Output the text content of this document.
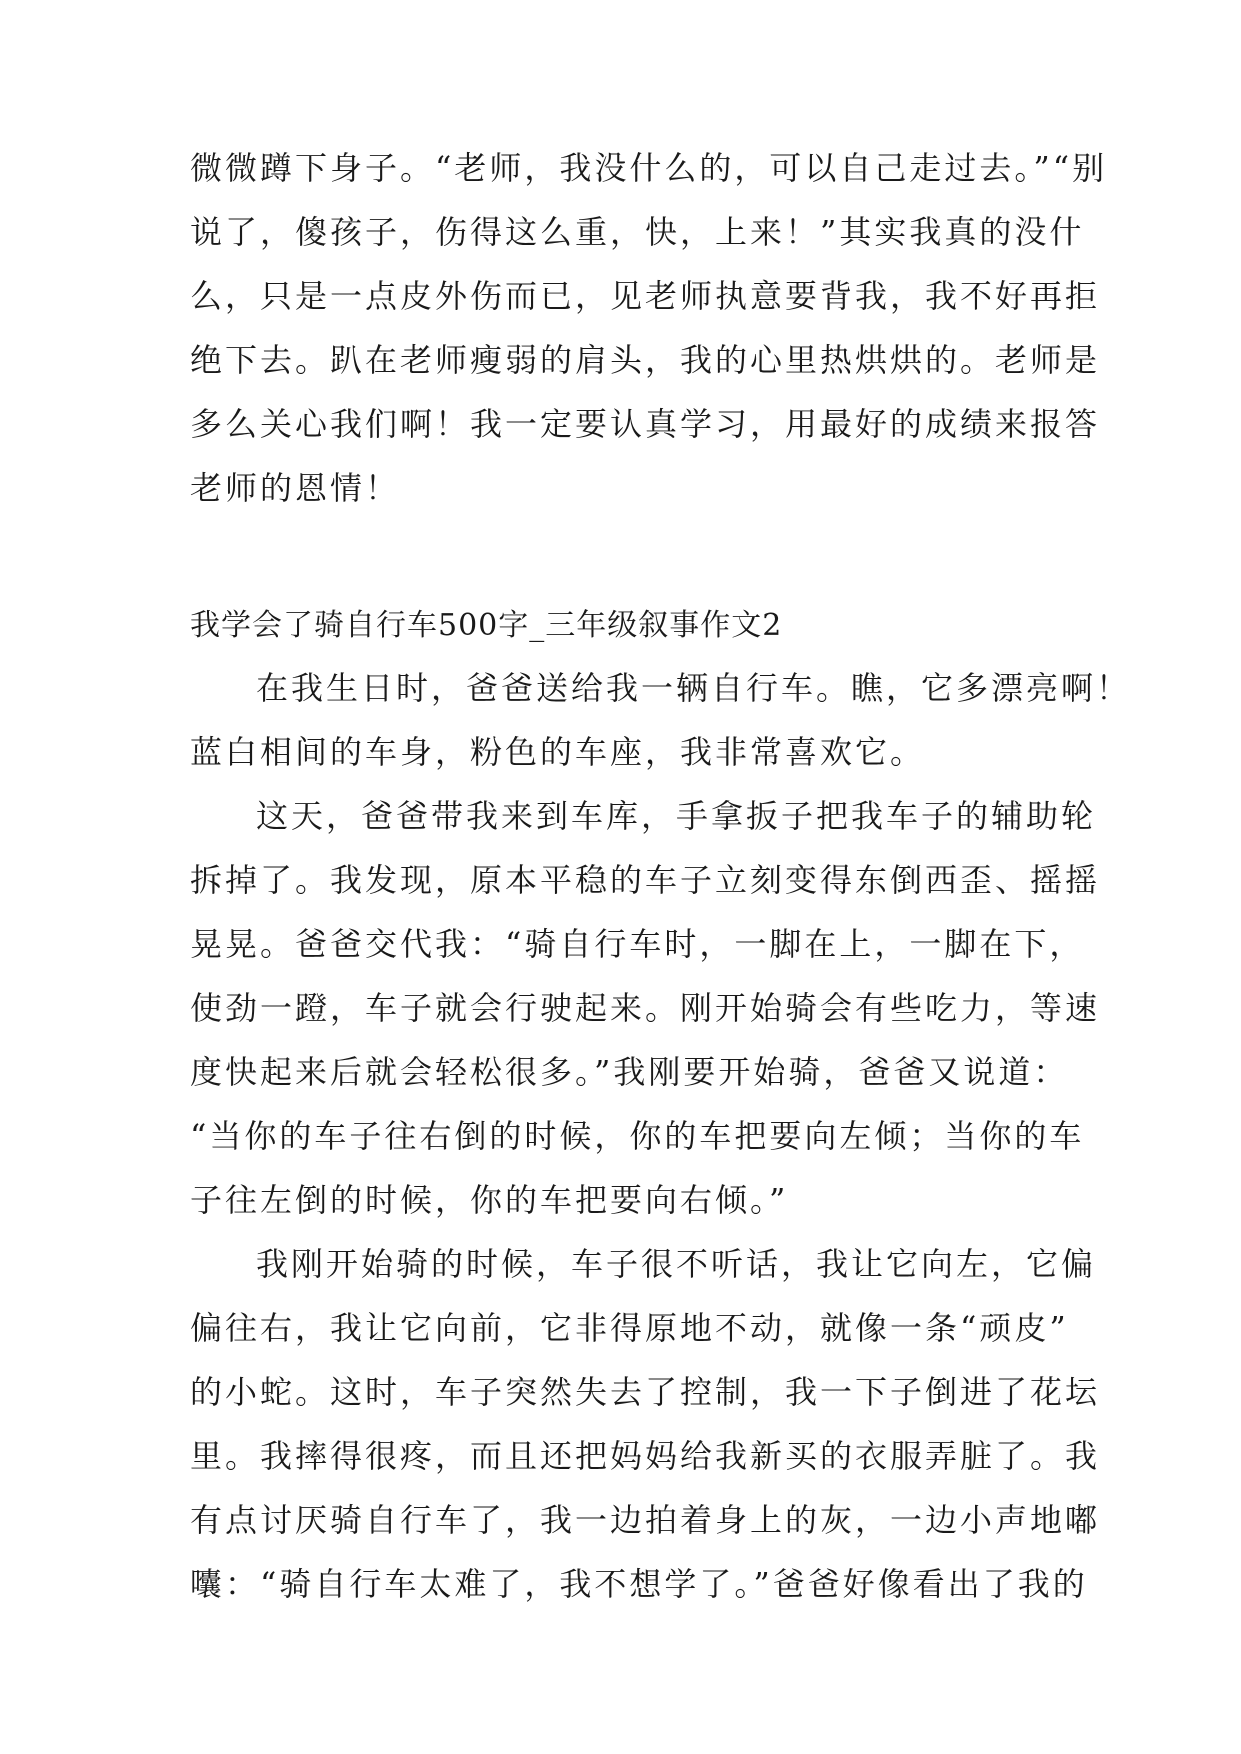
微微蹲下身子。“老师，我没什么的，可以自己走过去。”“别
说了，傻孩子，伤得这么重，快，上来！”其实我真的没什
么，只是一点皮外伤而已，见老师执意要背我，我不好再拒
绝下去。趴在老师瘦弱的肩头，我的心里热烘烘的。老师是
多么关心我们啊！我一定要认真学习，用最好的成绩来报答
老师的恩情！
我学会了骑自行车500字_三年级叙事作文2
在我生日时，爸爸送给我一辆自行车。瞧，它多漂亮啊！
蓝白相间的车身，粉色的车座，我非常喜欢它。
这天，爸爸带我来到车库，手拿扳子把我车子的辅助轮
拆掉了。我发现，原本平稳的车子立刻变得东倒西歪、摇摇
晃晃。爸爸交代我：“骑自行车时，一脚在上，一脚在下，
使劲一蹬，车子就会行驶起来。刚开始骑会有些吃力，等速
度快起来后就会轻松很多。”我刚要开始骑，爸爸又说道：
“当你的车子往右倒的时候，你的车把要向左倾；当你的车
子往左倒的时候，你的车把要向右倾。”
我刚开始骑的时候，车子很不听话，我让它向左，它偏
偏往右，我让它向前，它非得原地不动，就像一条“顽皮”
的小蛇。这时，车子突然失去了控制，我一下子倒进了花坛
里。我摔得很疼，而且还把妈妈给我新买的衣服弄脏了。我
有点讨厌骑自行车了，我一边拍着身上的灰，一边小声地嘟
囔：“骑自行车太难了，我不想学了。”爸爸好像看出了我的
